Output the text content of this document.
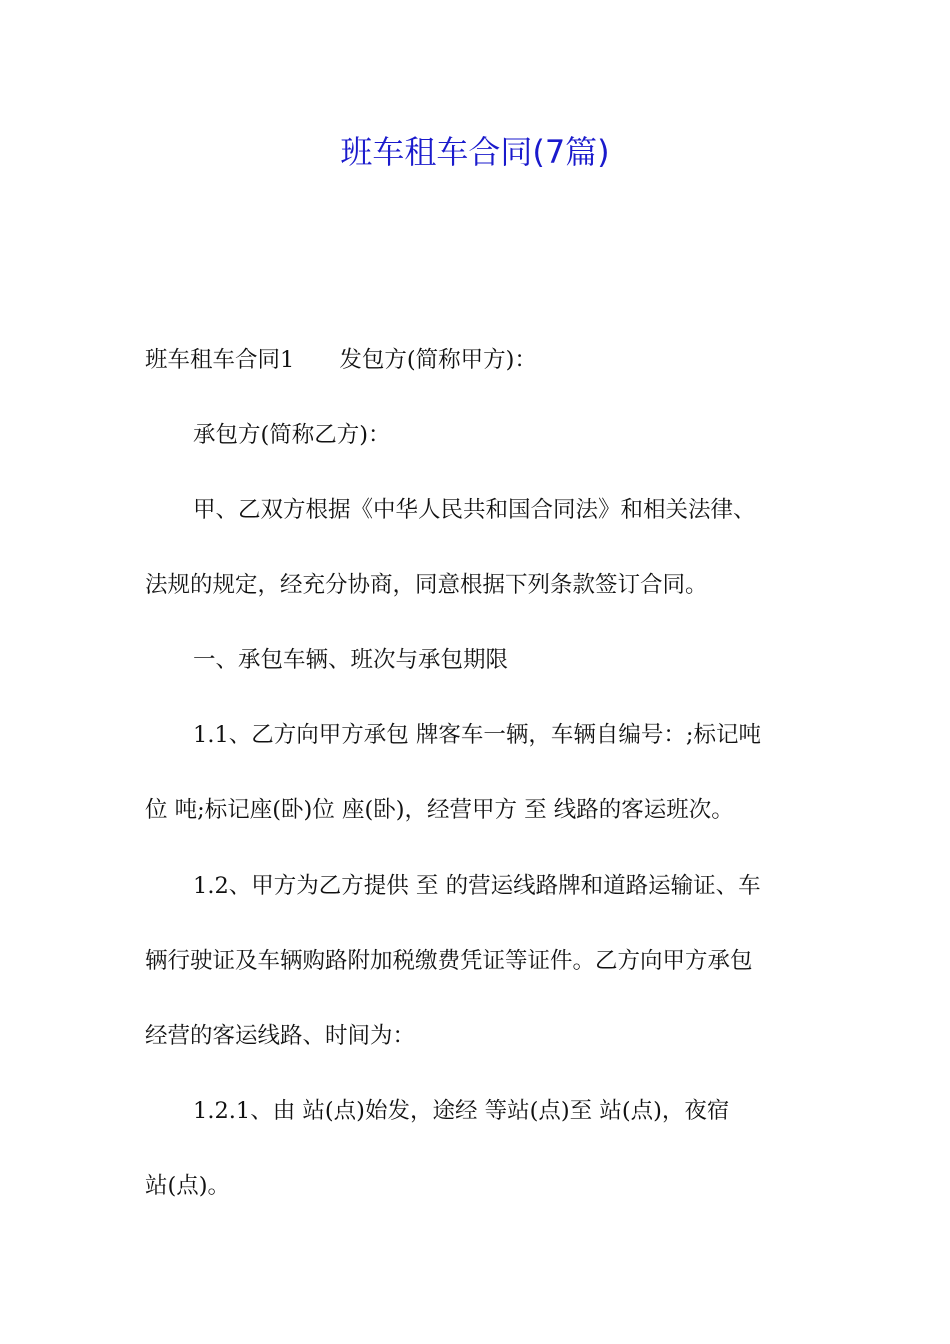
班车租车合同(7篇)
班车租车合同1　　发包方(简称甲方)：
承包方(简称乙方)：
甲、乙双方根据《中华人民共和国合同法》和相关法律、
法规的规定，经充分协商，同意根据下列条款签订合同。
一、承包车辆、班次与承包期限
1.1、乙方向甲方承包 牌客车一辆，车辆自编号：;标记吨
位 吨;标记座(卧)位 座(卧)，经营甲方 至 线路的客运班次。
1.2、甲方为乙方提供 至 的营运线路牌和道路运输证、车
辆行驶证及车辆购路附加税缴费凭证等证件。乙方向甲方承包
经营的客运线路、时间为：
1.2.1、由 站(点)始发，途经 等站(点)至 站(点)，夜宿
站(点)。
